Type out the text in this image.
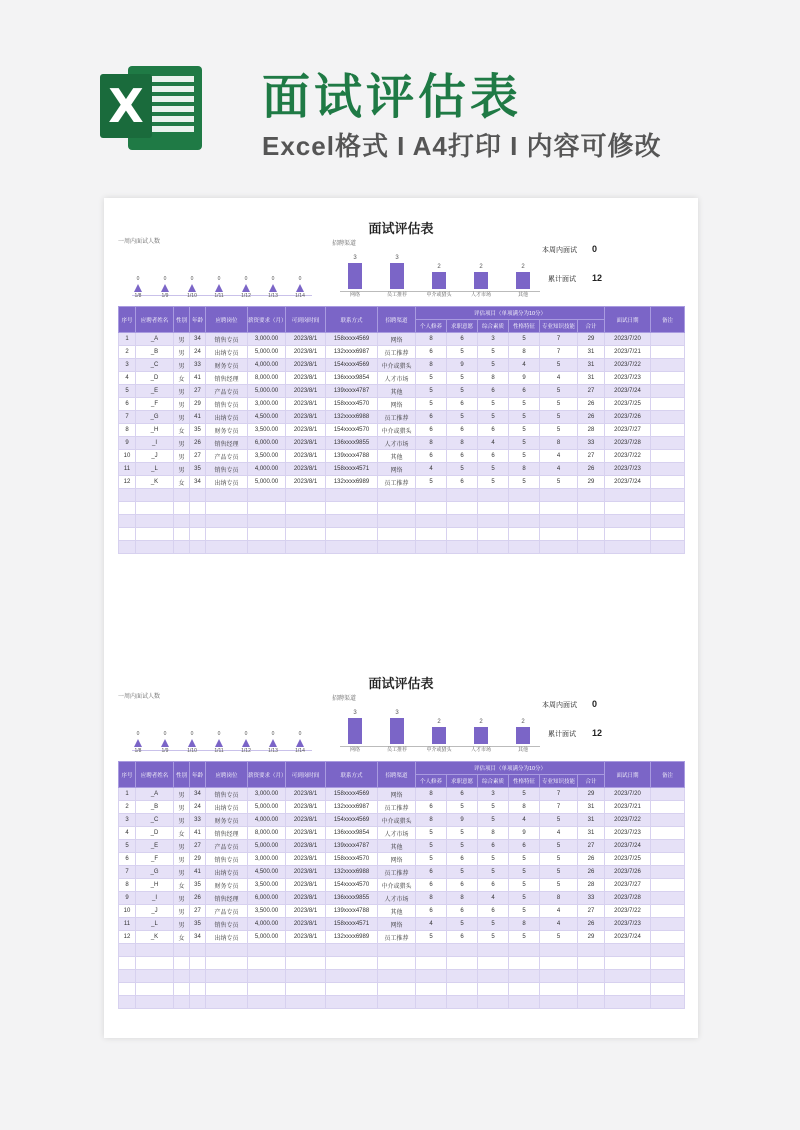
X 面试评估表
Excel格式 I A4打印 I 内容可修改
面试评估表
一周内面试人数	招聘渠道
本周内面试 0
累计面试 12
0
1/8
0
1/9
0
1/10
0
1/11
0
1/12
0
1/13
0
1/14
3
网络
3
员工推荐
2
中介或猎头
2
人才市场
2
其他
序号	应聘者姓名	性别	年龄	应聘岗位	薪资要求（月）	可到岗时间	联系方式	招聘渠道	评估项目（单项满分为10分）						面试日期	备注
									个人修养	求职意愿	综合素质	性格特征	专业知识技能	合计		
1	_A	男	34	销售专员	3,000.00	2023/8/1	158xxxx4569	网络	8	6	3	5	7	29	2023/7/20	
2	_B	男	24	出纳专员	5,000.00	2023/8/1	132xxxx6987	员工推荐	6	5	5	8	7	31	2023/7/21	
3	_C	男	33	财务专员	4,000.00	2023/8/1	154xxxx4569	中介或猎头	8	9	5	4	5	31	2023/7/22	
4	_D	女	41	销售经理	8,000.00	2023/8/1	136xxxx9854	人才市场	5	5	8	9	4	31	2023/7/23	
5	_E	男	27	产品专员	5,000.00	2023/8/1	139xxxx4787	其他	5	5	6	6	5	27	2023/7/24	
6	_F	男	29	销售专员	3,000.00	2023/8/1	158xxxx4570	网络	5	6	5	5	5	26	2023/7/25	
7	_G	男	41	出纳专员	4,500.00	2023/8/1	132xxxx6988	员工推荐	6	5	5	5	5	26	2023/7/26	
8	_H	女	35	财务专员	3,500.00	2023/8/1	154xxxx4570	中介或猎头	6	6	6	5	5	28	2023/7/27	
9	_I	男	26	销售经理	6,000.00	2023/8/1	136xxxx9855	人才市场	8	8	4	5	8	33	2023/7/28	
10	_J	男	27	产品专员	3,500.00	2023/8/1	139xxxx4788	其他	6	6	6	5	4	27	2023/7/22	
11	_L	男	35	销售专员	4,000.00	2023/8/1	158xxxx4571	网络	4	5	5	8	4	26	2023/7/23	
12	_K	女	34	出纳专员	5,000.00	2023/8/1	132xxxx6989	员工推荐	5	6	5	5	5	29	2023/7/24	

面试评估表
一周内面试人数	招聘渠道
本周内面试 0
累计面试 12
0
1/8
0
1/9
0
1/10
0
1/11
0
1/12
0
1/13
0
1/14
3
网络
3
员工推荐
2
中介或猎头
2
人才市场
2
其他
序号	应聘者姓名	性别	年龄	应聘岗位	薪资要求（月）	可到岗时间	联系方式	招聘渠道	评估项目（单项满分为10分）						面试日期	备注
									个人修养	求职意愿	综合素质	性格特征	专业知识技能	合计		
1	_A	男	34	销售专员	3,000.00	2023/8/1	158xxxx4569	网络	8	6	3	5	7	29	2023/7/20	
2	_B	男	24	出纳专员	5,000.00	2023/8/1	132xxxx6987	员工推荐	6	5	5	8	7	31	2023/7/21	
3	_C	男	33	财务专员	4,000.00	2023/8/1	154xxxx4569	中介或猎头	8	9	5	4	5	31	2023/7/22	
4	_D	女	41	销售经理	8,000.00	2023/8/1	136xxxx9854	人才市场	5	5	8	9	4	31	2023/7/23	
5	_E	男	27	产品专员	5,000.00	2023/8/1	139xxxx4787	其他	5	5	6	6	5	27	2023/7/24	
6	_F	男	29	销售专员	3,000.00	2023/8/1	158xxxx4570	网络	5	6	5	5	5	26	2023/7/25	
7	_G	男	41	出纳专员	4,500.00	2023/8/1	132xxxx6988	员工推荐	6	5	5	5	5	26	2023/7/26	
8	_H	女	35	财务专员	3,500.00	2023/8/1	154xxxx4570	中介或猎头	6	6	6	5	5	28	2023/7/27	
9	_I	男	26	销售经理	6,000.00	2023/8/1	136xxxx9855	人才市场	8	8	4	5	8	33	2023/7/28	
10	_J	男	27	产品专员	3,500.00	2023/8/1	139xxxx4788	其他	6	6	6	5	4	27	2023/7/22	
11	_L	男	35	销售专员	4,000.00	2023/8/1	158xxxx4571	网络	4	5	5	8	4	26	2023/7/23	
12	_K	女	34	出纳专员	5,000.00	2023/8/1	132xxxx6989	员工推荐	5	6	5	5	5	29	2023/7/24	
